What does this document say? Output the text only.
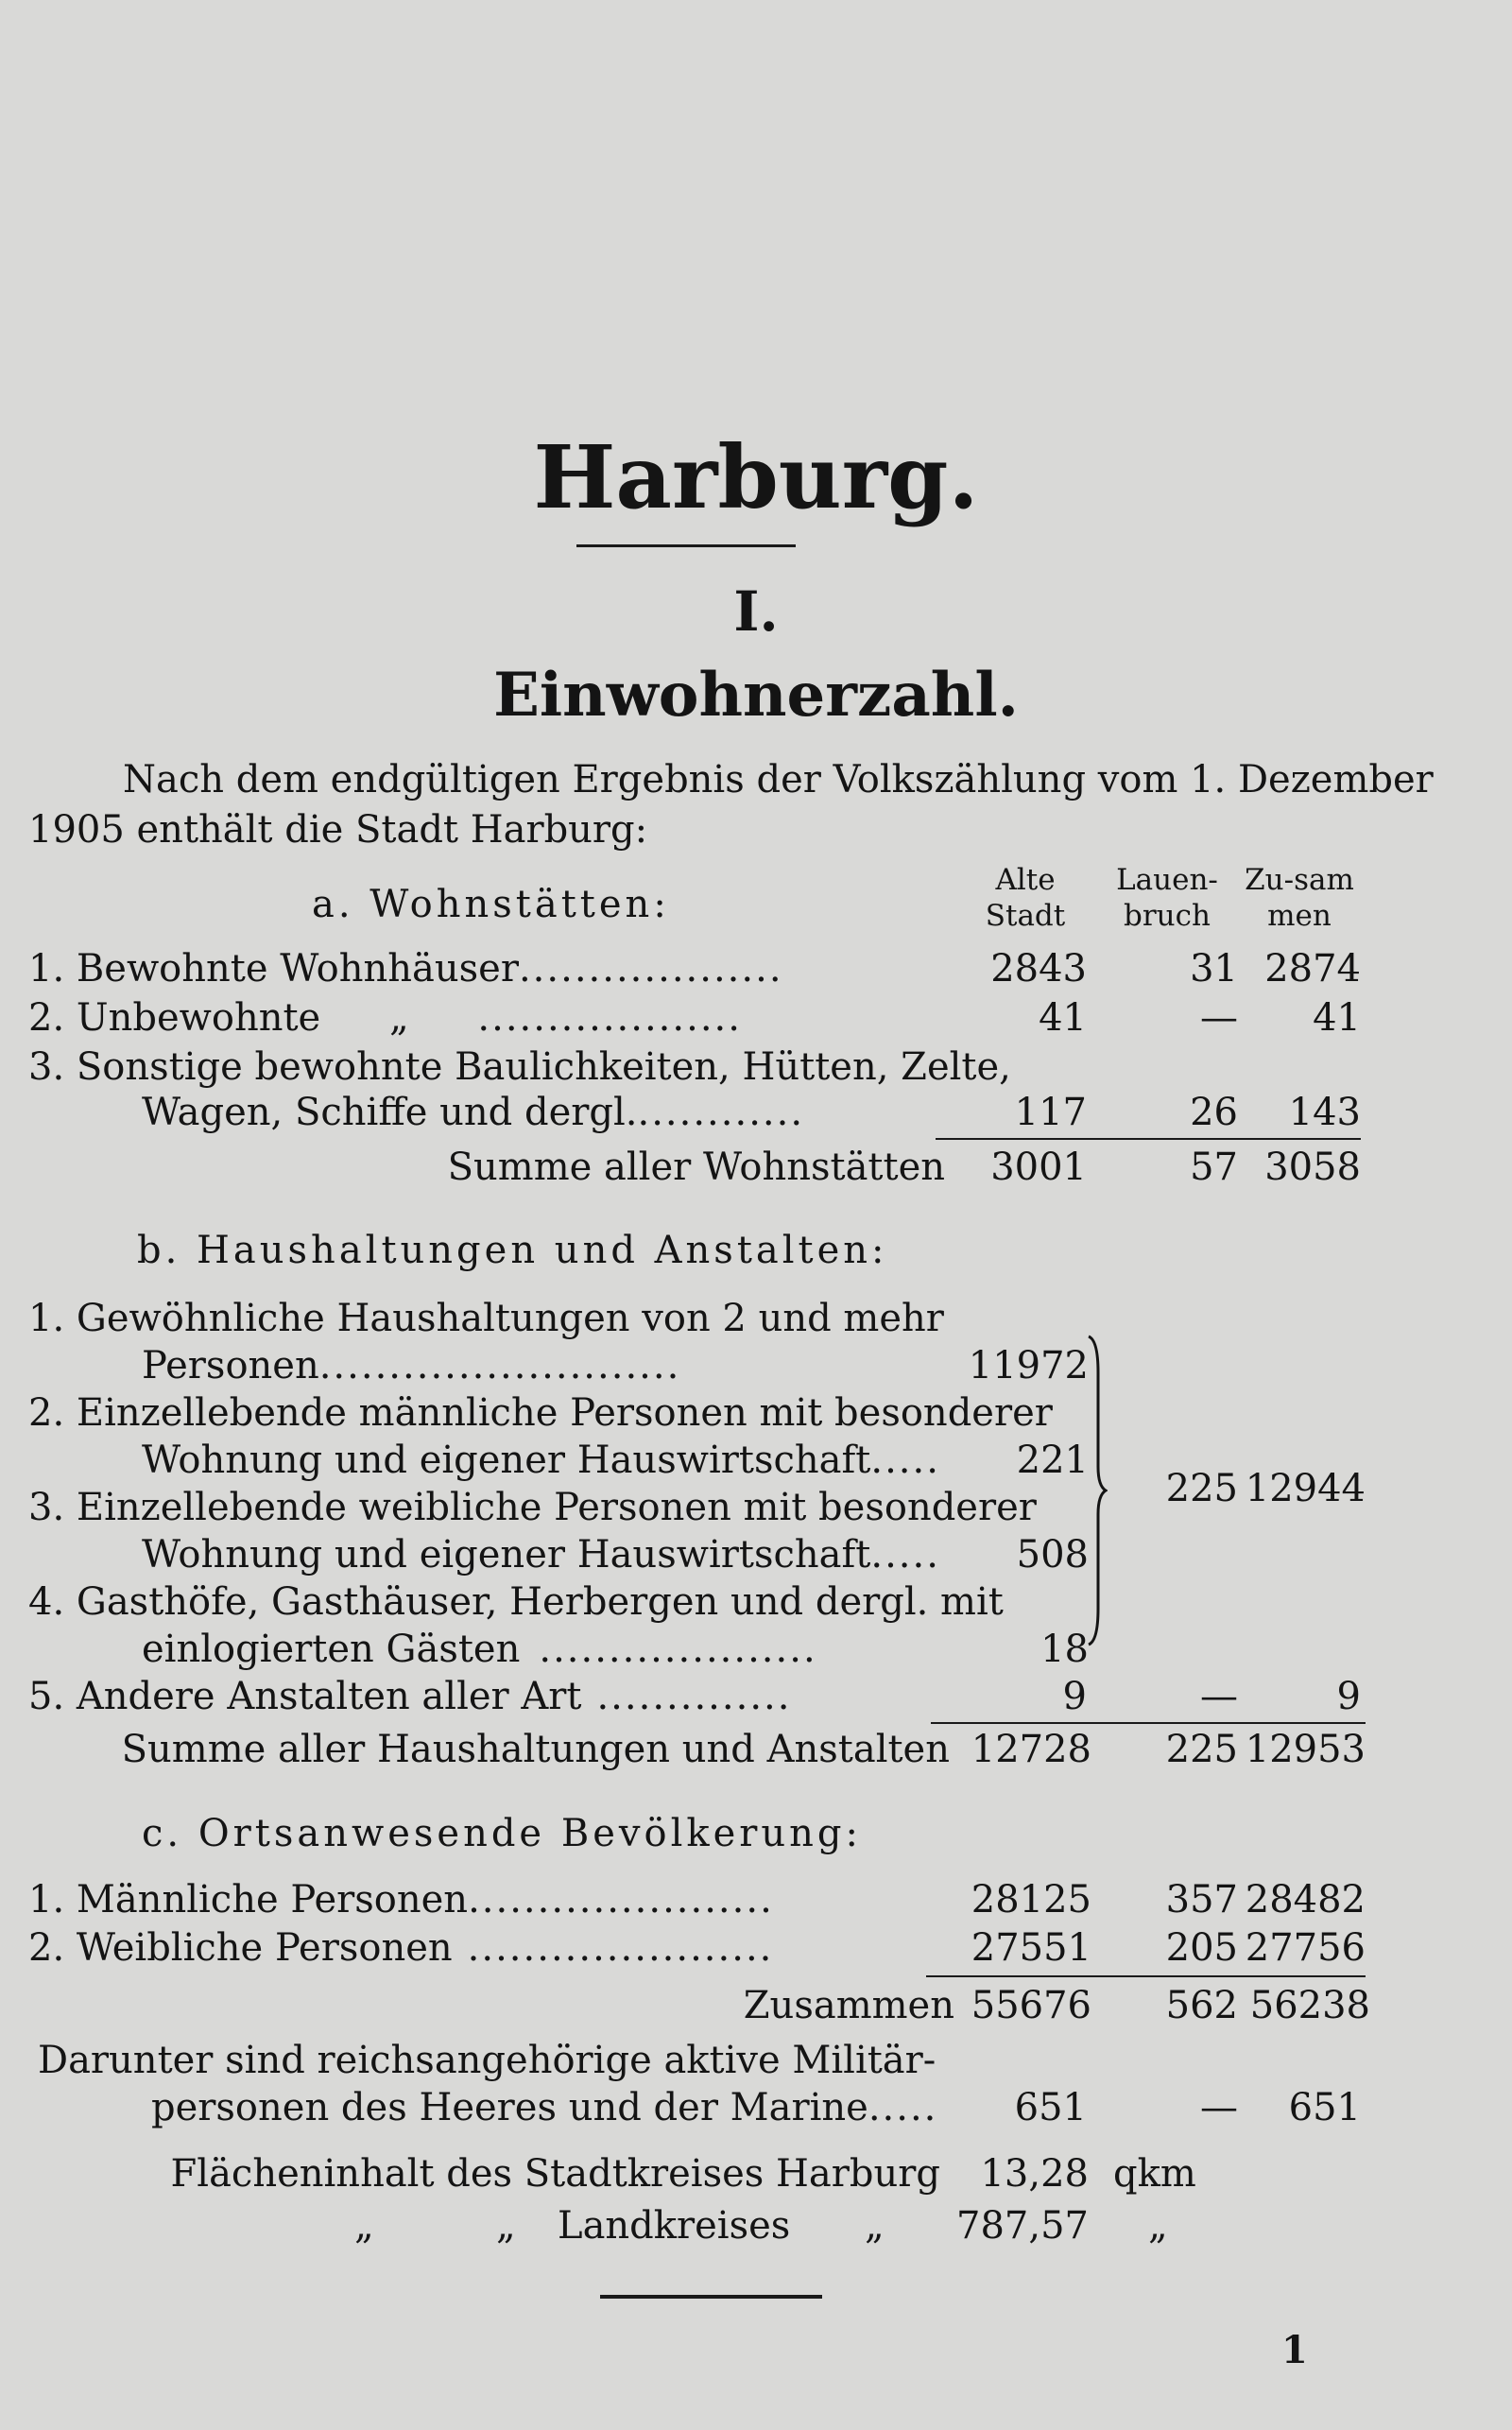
Harburg.
I.
Einwohnerzahl.
Nach dem endgültigen Ergebnis der Volkszählung vom 1. Dezember
1905 enthält die Stadt Harburg:
Alte Stadt
Lauen-bruch
Zu-sammen
a. Wohnstätten:
1. Bewohnte Wohnhäuser...................	2843	31 2874
2. Unbewohnte „ ...................	41	— 41
3. Sonstige bewohnte Baulichkeiten, Hütten, Zelte,
Wagen, Schiffe und dergl.............	117	26 143
Summe aller Wohnstätten 3001	57 3058
b. Haushaltungen und Anstalten:
1. Gewöhnliche Haushaltungen von 2 und mehr
Personen..........................	11972
2. Einzellebende männliche Personen mit besonderer
Wohnung und eigener Hauswirtschaft..... 221
3. Einzellebende weibliche Personen mit besonderer
Wohnung und eigener Hauswirtschaft..... 508
4. Gasthöfe, Gasthäuser, Herbergen und dergl. mit
einlogierten Gästen ....................	18
225 12944
5. Andere Anstalten aller Art ..............	9	—	9
Summe aller Haushaltungen und Anstalten 12728 225 12953
c. Ortsanwesende Bevölkerung:
1. Männliche Personen......................	28125 357 28482
2. Weibliche Personen ......................	27551 205 27756
Zusammen 55676 562 56238
Darunter sind reichsangehörige aktive Militär-
personen des Heeres und der Marine..... 651	— 651
Flächeninhalt des Stadtkreises Harburg 13,28 qkm
„	„ Landkreises „ 787,57 „
1
